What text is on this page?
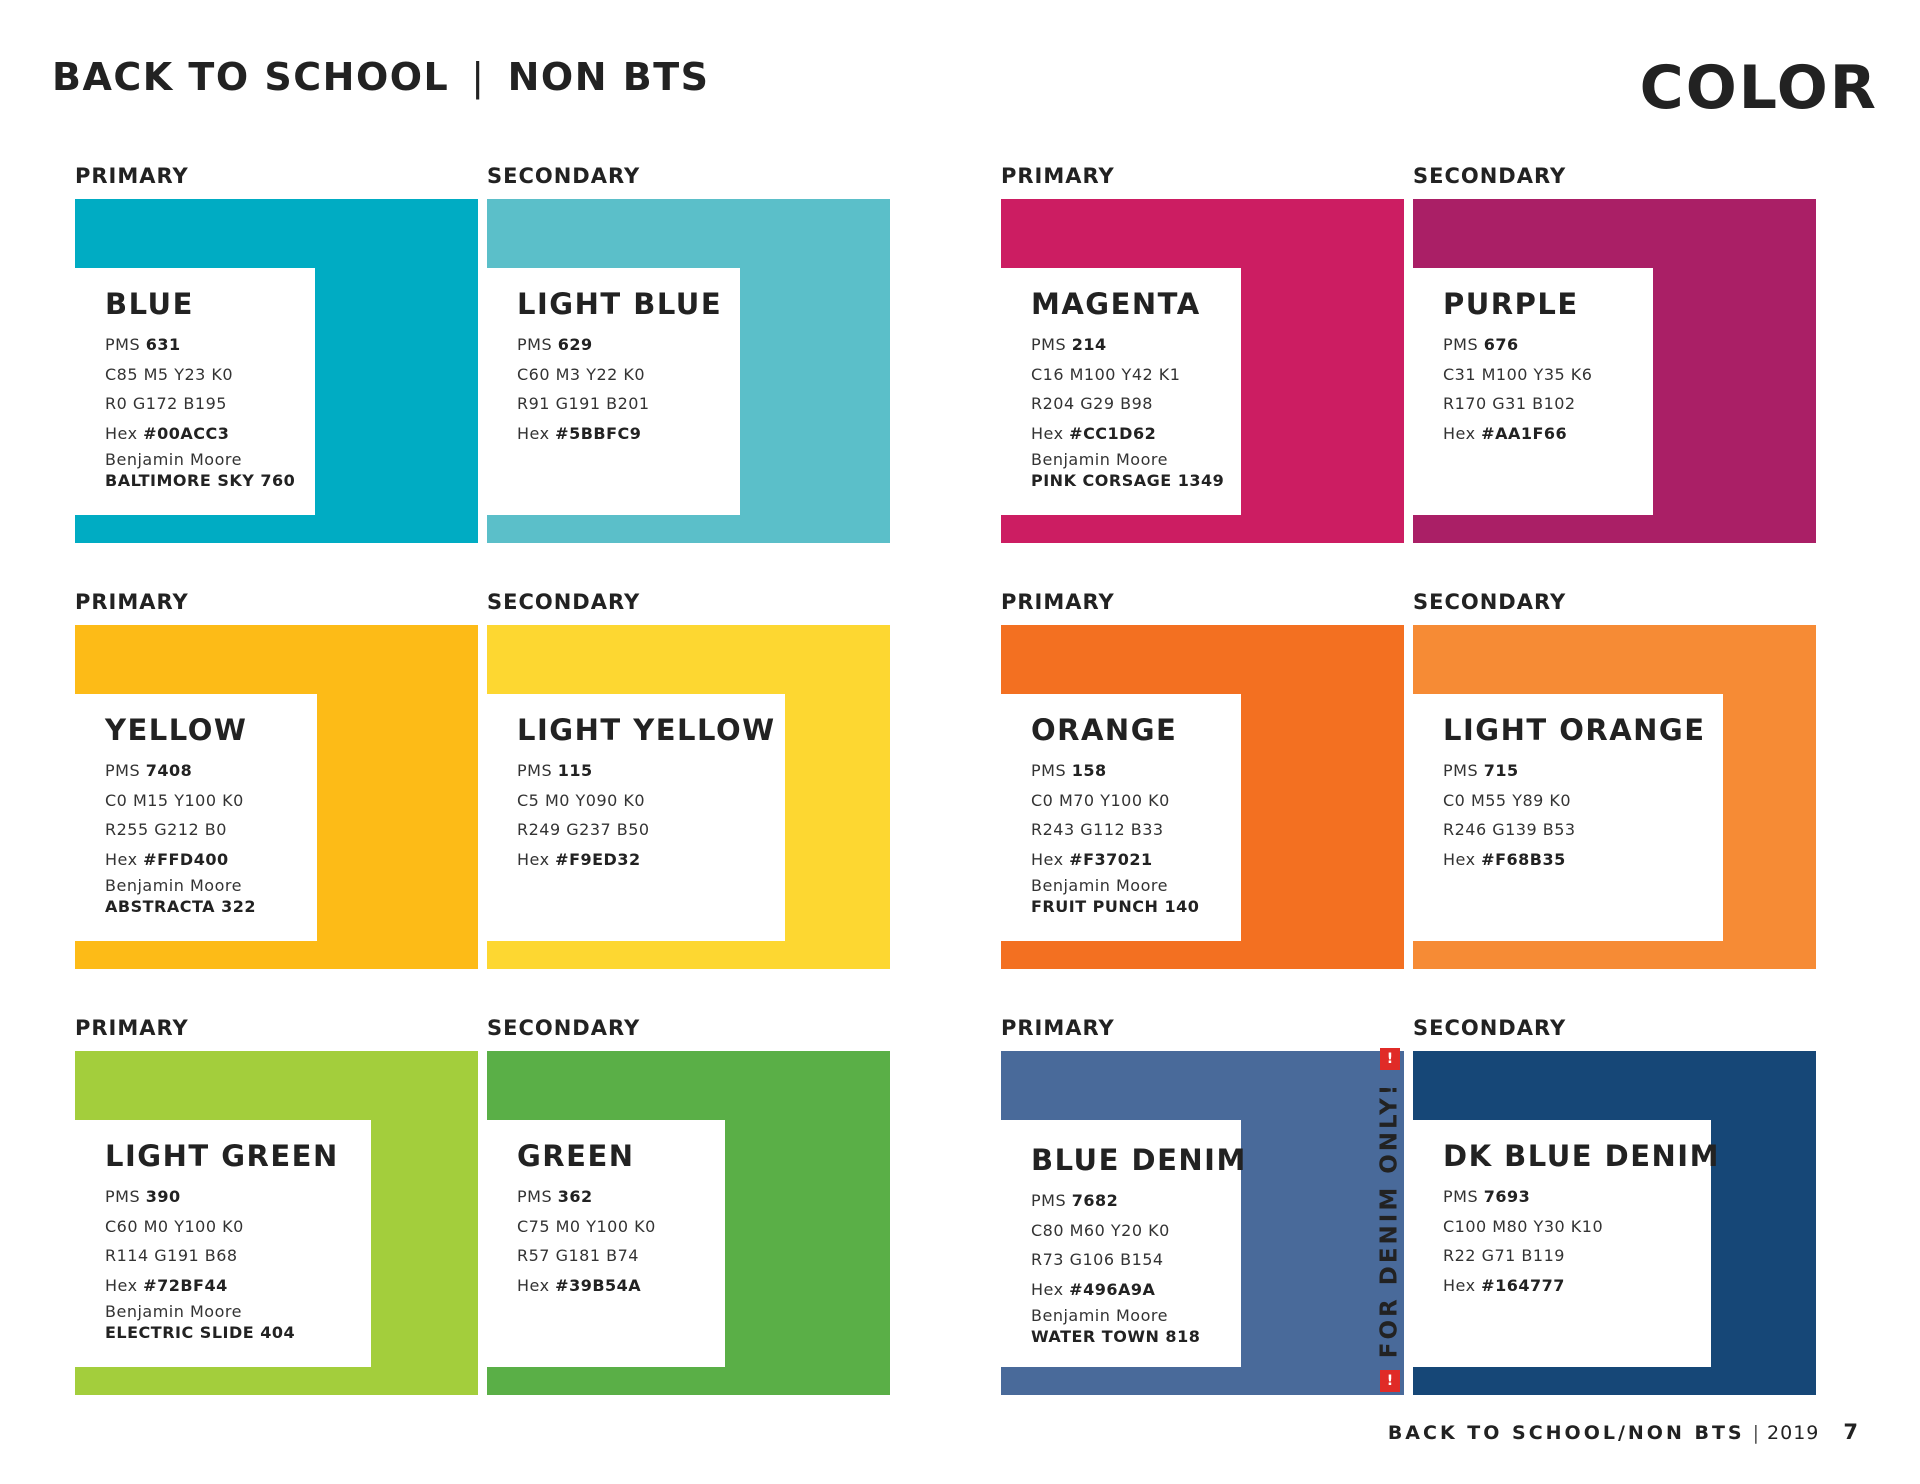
BACK TO SCHOOL | NON BTS	COLOR
PRIMARY
BLUE
PMS 631
C85 M5 Y23 K0
R0 G172 B195
Hex #00ACC3
Benjamin Moore
BALTIMORE SKY 760
SECONDARY
LIGHT BLUE
PMS 629
C60 M3 Y22 K0
R91 G191 B201
Hex #5BBFC9
PRIMARY
MAGENTA
PMS 214
C16 M100 Y42 K1
R204 G29 B98
Hex #CC1D62
Benjamin Moore
PINK CORSAGE 1349
SECONDARY
PURPLE
PMS 676
C31 M100 Y35 K6
R170 G31 B102
Hex #AA1F66
PRIMARY
YELLOW
PMS 7408
C0 M15 Y100 K0
R255 G212 B0
Hex #FFD400
Benjamin Moore
ABSTRACTA 322
SECONDARY
LIGHT YELLOW
PMS 115
C5 M0 Y090 K0
R249 G237 B50
Hex #F9ED32
PRIMARY
ORANGE
PMS 158
C0 M70 Y100 K0
R243 G112 B33
Hex #F37021
Benjamin Moore
FRUIT PUNCH 140
SECONDARY
LIGHT ORANGE
PMS 715
C0 M55 Y89 K0
R246 G139 B53
Hex #F68B35
PRIMARY
LIGHT GREEN
PMS 390
C60 M0 Y100 K0
R114 G191 B68
Hex #72BF44
Benjamin Moore
ELECTRIC SLIDE 404
SECONDARY
GREEN
PMS 362
C75 M0 Y100 K0
R57 G181 B74
Hex #39B54A
PRIMARY
BLUE DENIM
PMS 7682
C80 M60 Y20 K0
R73 G106 B154
Hex #496A9A
Benjamin Moore
WATER TOWN 818
SECONDARY
DK BLUE DENIM
PMS 7693
C100 M80 Y30 K10
R22 G71 B119
Hex #164777
!
FOR DENIM ONLY!
!

BACK TO SCHOOL/NON BTS | 2019 7
